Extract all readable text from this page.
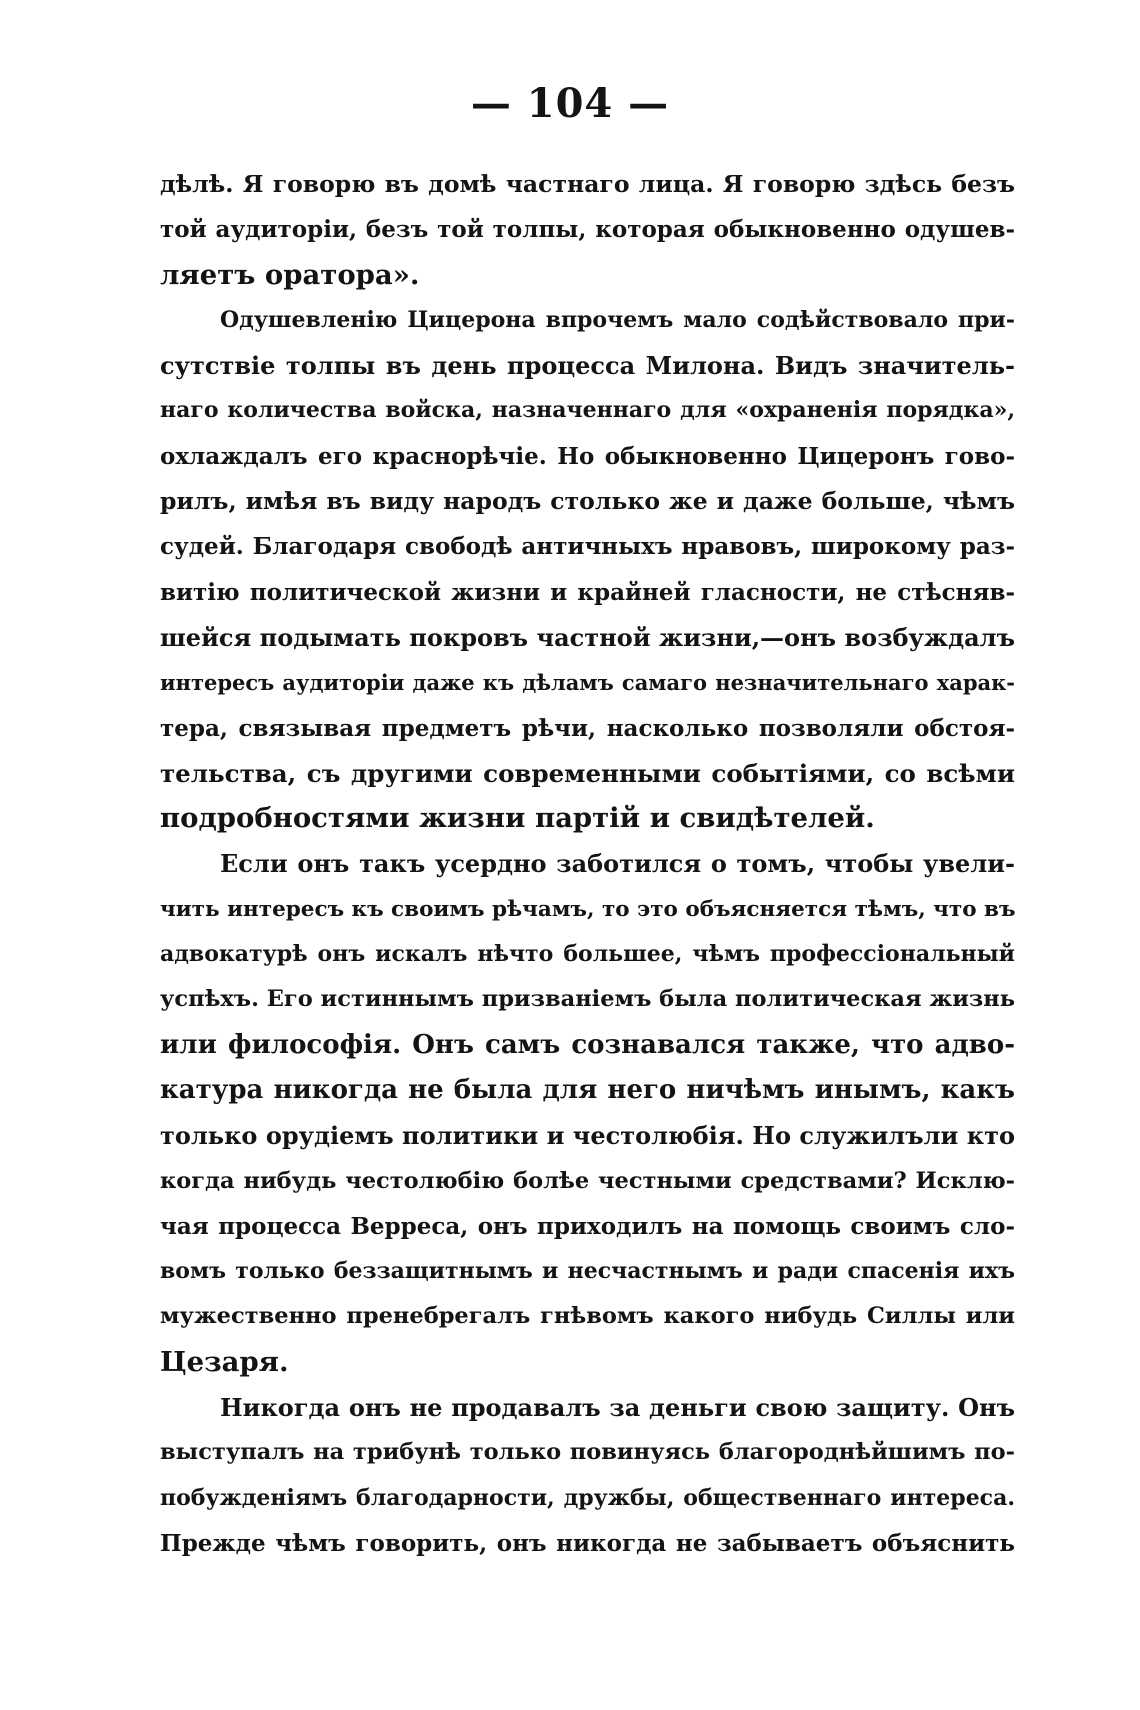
— 104 —
дѣлѣ. Я говорю въ домѣ частнаго лица. Я говорю здѣсь безъ
той аудиторіи, безъ той толпы, которая обыкновенно одушев-
ляетъ оратора».
Одушевленію Цицерона впрочемъ мало содѣйствовало при-
сутствіе толпы въ день процесса Милона. Видъ значитель-
наго количества войска, назначеннаго для «охраненія порядка»,
охлаждалъ его краснорѣчіе. Но обыкновенно Цицеронъ гово-
рилъ, имѣя въ виду народъ столько же и даже больше, чѣмъ
судей. Благодаря свободѣ античныхъ нравовъ, широкому раз-
витію политической жизни и крайней гласности, не стѣсняв-
шейся подымать покровъ частной жизни,—онъ возбуждалъ
интересъ аудиторіи даже къ дѣламъ самаго незначительнаго харак-
тера, связывая предметъ рѣчи, насколько позволяли обстоя-
тельства, съ другими современными событіями, со всѣми
подробностями жизни партій и свидѣтелей.
Если онъ такъ усердно заботился о томъ, чтобы увели-
чить интересъ къ своимъ рѣчамъ, то это объясняется тѣмъ, что въ
адвокатурѣ онъ искалъ нѣчто большее, чѣмъ профессіональный
успѣхъ. Его истиннымъ призваніемъ была политическая жизнь
или философія. Онъ самъ сознавался также, что адво-
катура никогда не была для него ничѣмъ инымъ, какъ
только орудіемъ политики и честолюбія. Но служилъли кто
когда нибудь честолюбію болѣе честными средствами? Исклю-
чая процесса Верреса, онъ приходилъ на помощь своимъ сло-
вомъ только беззащитнымъ и несчастнымъ и ради спасенія ихъ
мужественно пренебрегалъ гнѣвомъ какого нибудь Силлы или
Цезаря.
Никогда онъ не продавалъ за деньги свою защиту. Онъ
выступалъ на трибунѣ только повинуясь благороднѣйшимъ по-
побужденіямъ благодарности, дружбы, общественнаго интереса.
Прежде чѣмъ говорить, онъ никогда не забываетъ объяснить
